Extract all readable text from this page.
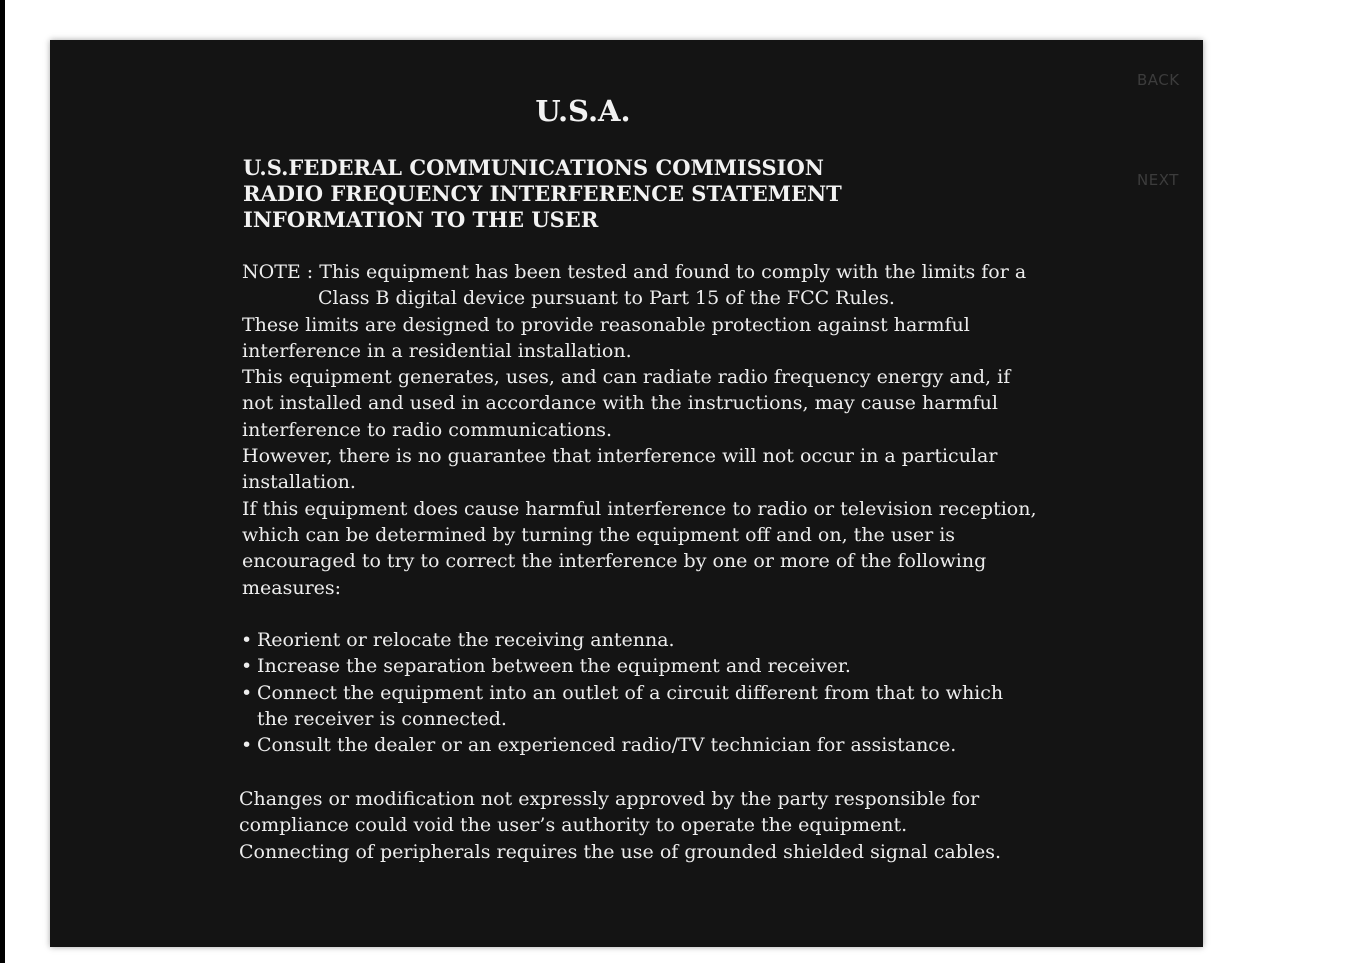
BACK
NEXT
U.S.A.
U.S.FEDERAL COMMUNICATIONS COMMISSION
RADIO FREQUENCY INTERFERENCE STATEMENT
INFORMATION TO THE USER

NOTE : This equipment has been tested and found to comply with the limits for a

Class B digital device pursuant to Part 15 of the FCC Rules.

These limits are designed to provide reasonable protection against harmful interference in a residential installation.

This equipment generates, uses, and can radiate radio frequency energy and, if not installed and used in accordance with the instructions, may cause harmful interference to radio communications.

However, there is no guarantee that interference will not occur in a particular installation.

If this equipment does cause harmful interference to radio or television reception, which can be determined by turning the equipment off and on, the user is encouraged to try to correct the interference by one or more of the following measures:

• Reorient or relocate the receiving antenna.
• Increase the separation between the equipment and receiver.
• Connect the equipment into an outlet of a circuit different from that to which the receiver is connected.
• Consult the dealer or an experienced radio/TV technician for assistance.

Changes or modification not expressly approved by the party responsible for compliance could void the user’s authority to operate the equipment.

Connecting of peripherals requires the use of grounded shielded signal cables.
